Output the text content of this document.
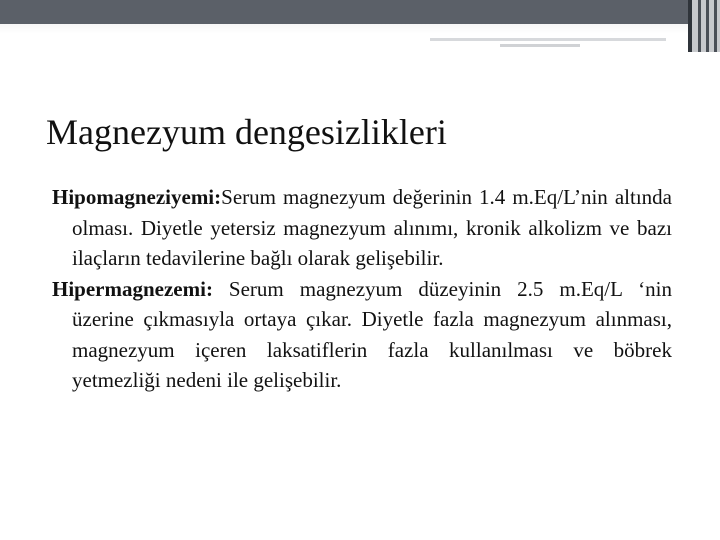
Magnezyum dengesizlikleri

Hipomagneziyemi:Serum magnezyum değerinin 1.4 m.Eq/L’nin altında olması. Diyetle yetersiz magnezyum alınımı, kronik alkolizm ve bazı ilaçların tedavilerine bağlı olarak gelişebilir.

Hipermagnezemi: Serum magnezyum düzeyinin 2.5 m.Eq/L ‘nin üzerine çıkmasıyla ortaya çıkar. Diyetle fazla magnezyum alınması, magnezyum içeren laksatiflerin fazla kullanılması ve böbrek yetmezliği nedeni ile gelişebilir.
